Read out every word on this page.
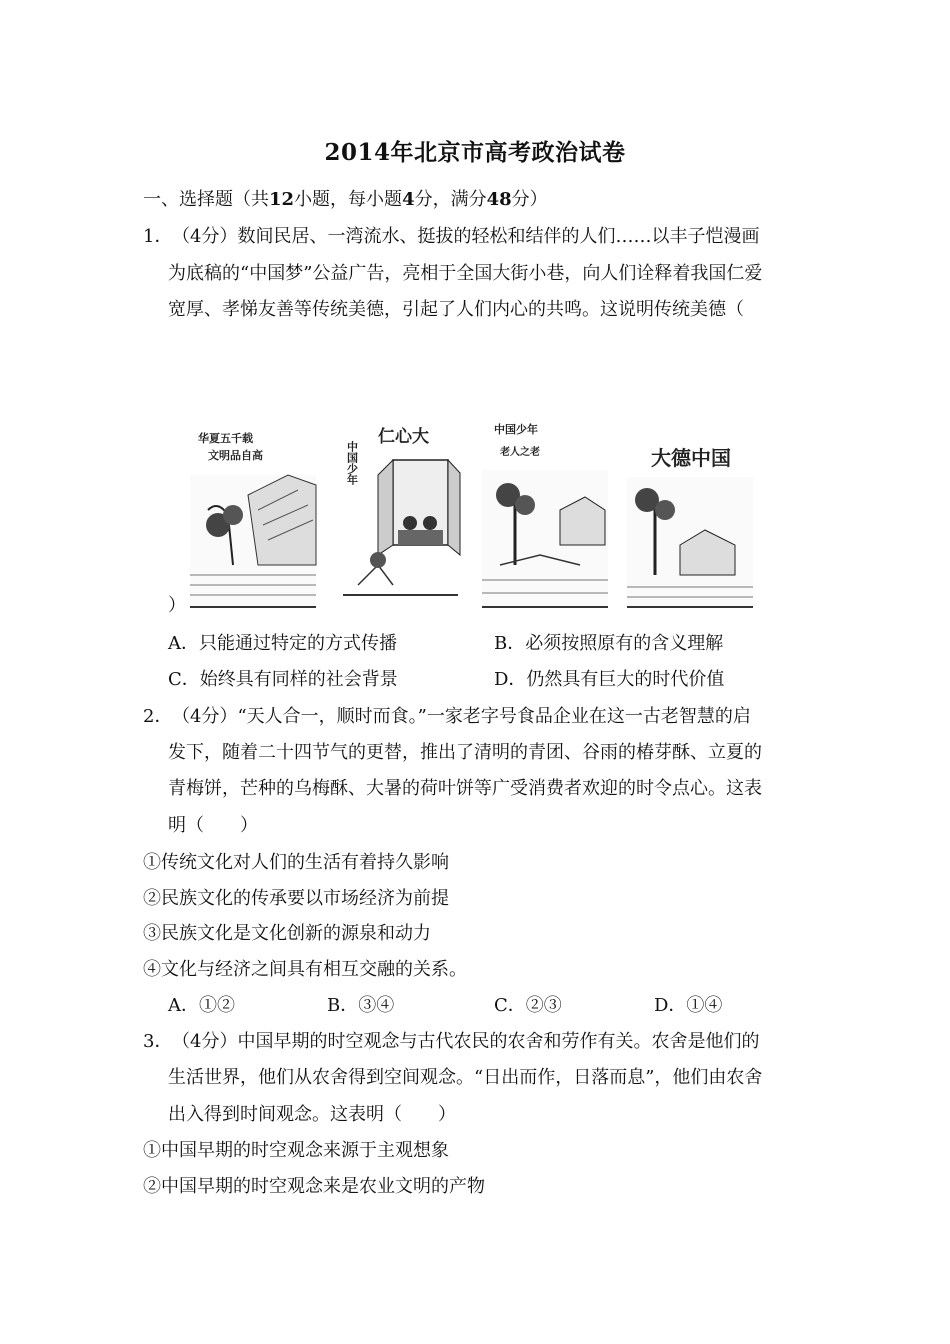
2014年北京市高考政治试卷
一、选择题（共12小题，每小题4分，满分48分）
1． （4分）数间民居、一湾流水、挺拔的轻松和结伴的人们……以丰子恺漫画
为底稿的“中国梦”公益广告，亮相于全国大街小巷，向人们诠释着我国仁爱
宽厚、孝悌友善等传统美德，引起了人们内心的共鸣。这说明传统美德（
华夏五千载
文明品自高	中国少年
仁心大	中国少年
老人之老	大德中国
）
A．只能通过特定的方式传播	B．必须按照原有的含义理解
C．始终具有同样的社会背景	D．仍然具有巨大的时代价值
2． （4分）“天人合一，顺时而食。”一家老字号食品企业在这一古老智慧的启
发下，随着二十四节气的更替，推出了清明的青团、谷雨的椿芽酥、立夏的
青梅饼，芒种的乌梅酥、大暑的荷叶饼等广受消费者欢迎的时令点心。这表
明（　　）
①传统文化对人们的生活有着持久影响
②民族文化的传承要以市场经济为前提
③民族文化是文化创新的源泉和动力
④文化与经济之间具有相互交融的关系。
A．①②	B．③④	C．②③	D．①④
3． （4分）中国早期的时空观念与古代农民的农舍和劳作有关。农舍是他们的
生活世界，他们从农舍得到空间观念。“日出而作，日落而息”，他们由农舍
出入得到时间观念。这表明（　　）
①中国早期的时空观念来源于主观想象
②中国早期的时空观念来是农业文明的产物
